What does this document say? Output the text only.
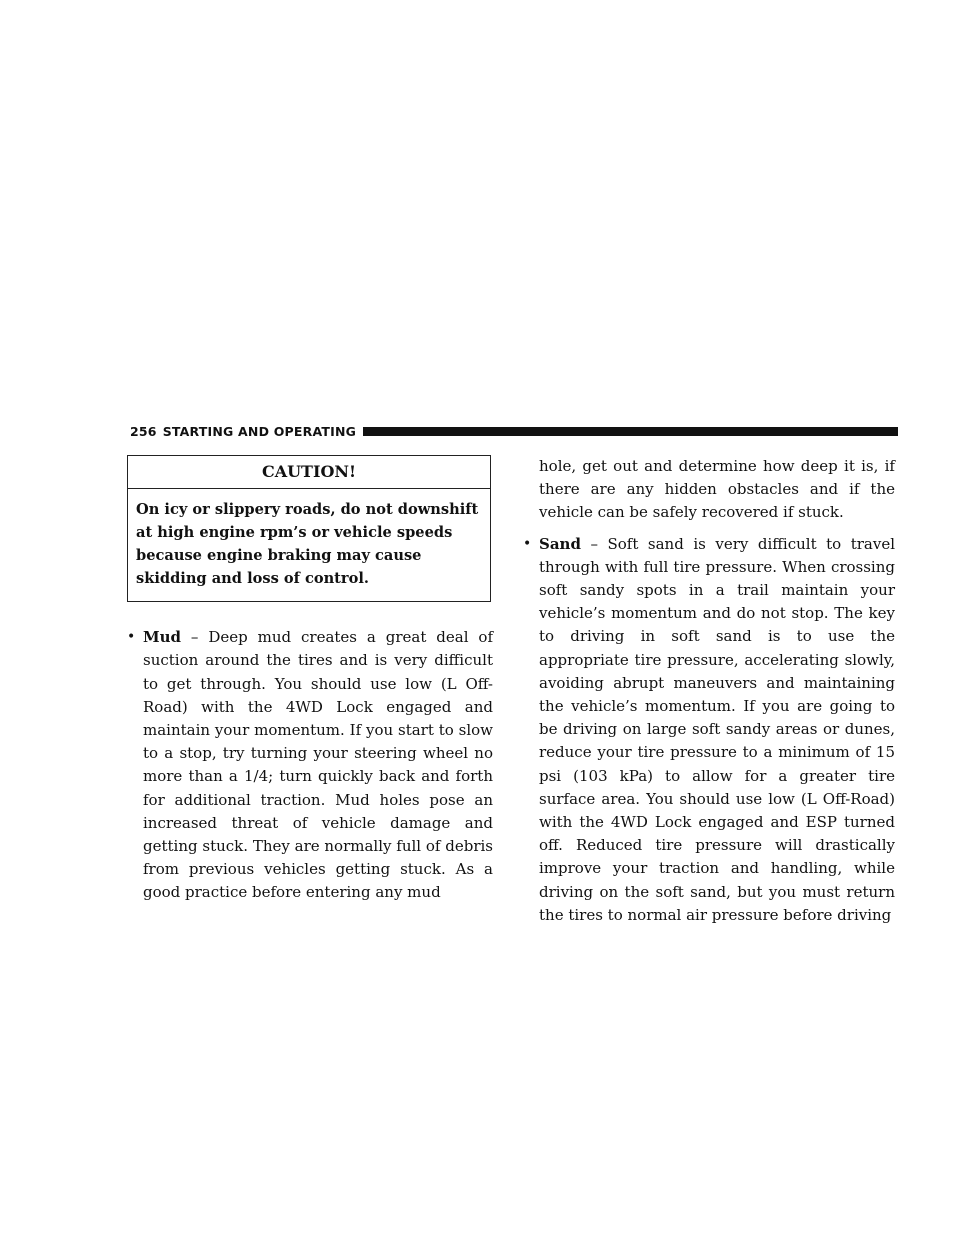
256 STARTING AND OPERATING
CAUTION!
On icy or slippery roads, do not downshift at high engine rpm’s or vehicle speeds because engine braking may cause skidding and loss of control.
• Mud – Deep mud creates a great deal of suction around the tires and is very difficult to get through. You should use low (L Off-Road) with the 4WD Lock engaged and maintain your momentum. If you start to slow to a stop, try turning your steering wheel no more than a 1/4; turn quickly back and forth for additional traction. Mud holes pose an increased threat of vehicle damage and getting stuck. They are normally full of debris from previous vehicles getting stuck. As a good practice before entering any mud

hole, get out and determine how deep it is, if there are any hidden obstacles and if the vehicle can be safely recovered if stuck.

• Sand – Soft sand is very difficult to travel through with full tire pressure. When crossing soft sandy spots in a trail maintain your vehicle’s momentum and do not stop. The key to driving in soft sand is to use the appropriate tire pressure, accelerating slowly, avoiding abrupt maneuvers and maintaining the vehicle’s momentum. If you are going to be driving on large soft sandy areas or dunes, reduce your tire pressure to a minimum of 15 psi (103 kPa) to allow for a greater tire surface area. You should use low (L Off-Road) with the 4WD Lock engaged and ESP turned off. Reduced tire pressure will drastically improve your traction and handling, while driving on the soft sand, but you must return the tires to normal air pressure before driving
